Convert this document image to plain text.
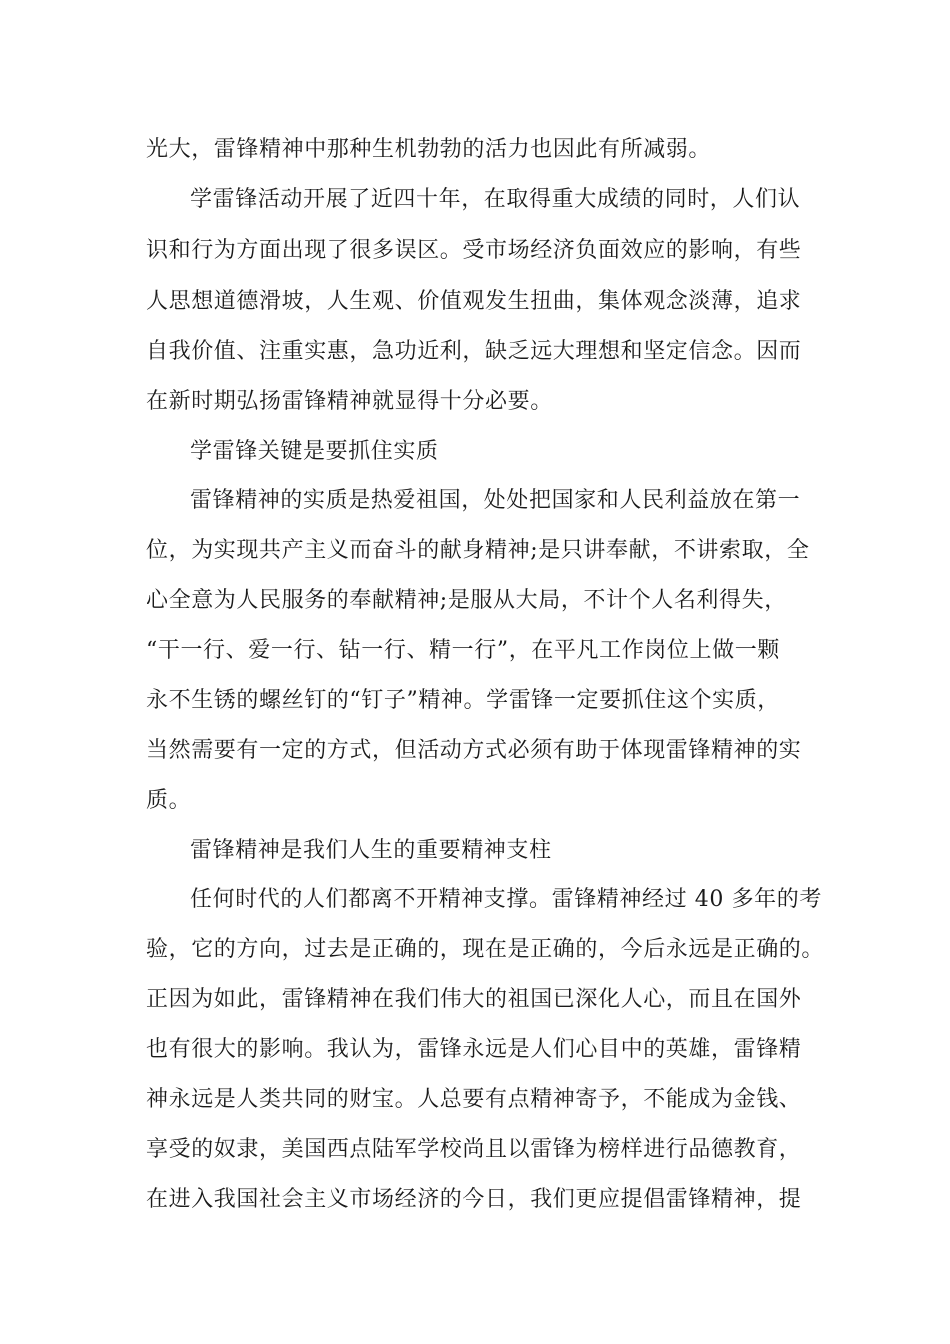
光大，雷锋精神中那种生机勃勃的活力也因此有所减弱。
学雷锋活动开展了近四十年，在取得重大成绩的同时，人们认
识和行为方面出现了很多误区。受市场经济负面效应的影响，有些
人思想道德滑坡，人生观、价值观发生扭曲，集体观念淡薄，追求
自我价值、注重实惠，急功近利，缺乏远大理想和坚定信念。因而
在新时期弘扬雷锋精神就显得十分必要。
学雷锋关键是要抓住实质
雷锋精神的实质是热爱祖国，处处把国家和人民利益放在第一
位，为实现共产主义而奋斗的献身精神;是只讲奉献，不讲索取，全
心全意为人民服务的奉献精神;是服从大局，不计个人名利得失，
“干一行、爱一行、钻一行、精一行”，在平凡工作岗位上做一颗
永不生锈的螺丝钉的“钉子”精神。学雷锋一定要抓住这个实质，
当然需要有一定的方式，但活动方式必须有助于体现雷锋精神的实
质。
雷锋精神是我们人生的重要精神支柱
任何时代的人们都离不开精神支撑。雷锋精神经过 40 多年的考
验，它的方向，过去是正确的，现在是正确的，今后永远是正确的。
正因为如此，雷锋精神在我们伟大的祖国已深化人心，而且在国外
也有很大的影响。我认为，雷锋永远是人们心目中的英雄，雷锋精
神永远是人类共同的财宝。人总要有点精神寄予，不能成为金钱、
享受的奴隶，美国西点陆军学校尚且以雷锋为榜样进行品德教育，
在进入我国社会主义市场经济的今日，我们更应提倡雷锋精神，提
